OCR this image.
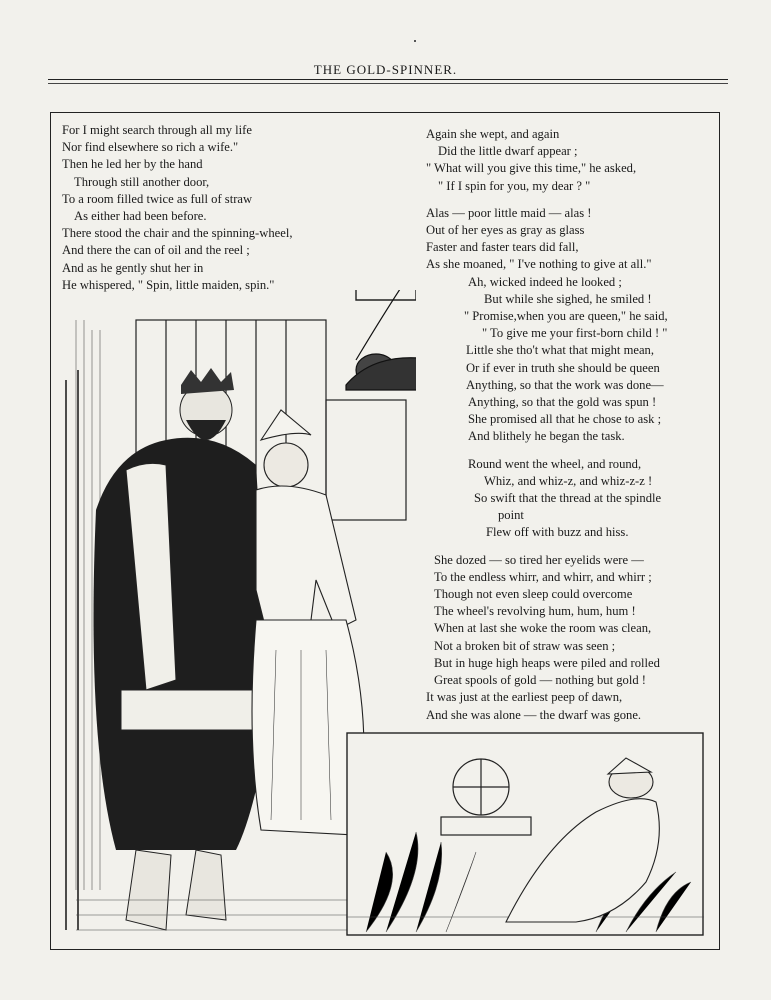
THE GOLD-SPINNER.
For I might search through all my life
Nor find elsewhere so rich a wife."
Then he led her by the hand
Through still another door,
To a room filled twice as full of straw
As either had been before.
There stood the chair and the spinning-wheel,
And there the can of oil and the reel ;
And as he gently shut her in
He whispered, " Spin, little maiden, spin."
Again she wept, and again
Did the little dwarf appear ;
" What will you give this time," he asked,
" If I spin for you, my dear ? "
Alas — poor little maid — alas !
Out of her eyes as gray as glass
Faster and faster tears did fall,
As she moaned, " I've nothing to give at all."
Ah, wicked indeed he looked ;
But while she sighed, he smiled !
" Promise,when you are queen," he said,
" To give me your first-born child ! "
Little she tho't what that might mean,
Or if ever in truth she should be queen
Anything, so that the work was done—
Anything, so that the gold was spun !
She promised all that he chose to ask ;
And blithely he began the task.
Round went the wheel, and round,
Whiz, and whiz-z, and whiz-z-z !
So swift that the thread at the spindle
point
Flew off with buzz and hiss.
She dozed — so tired her eyelids were —
To the endless whirr, and whirr, and whirr ;
Though not even sleep could overcome
The wheel's revolving hum, hum, hum !
When at last she woke the room was clean,
Not a broken bit of straw was seen ;
But in huge high heaps were piled and rolled
Great spools of gold — nothing but gold !
It was just at the earliest peep of dawn,
And she was alone — the dwarf was gone.
